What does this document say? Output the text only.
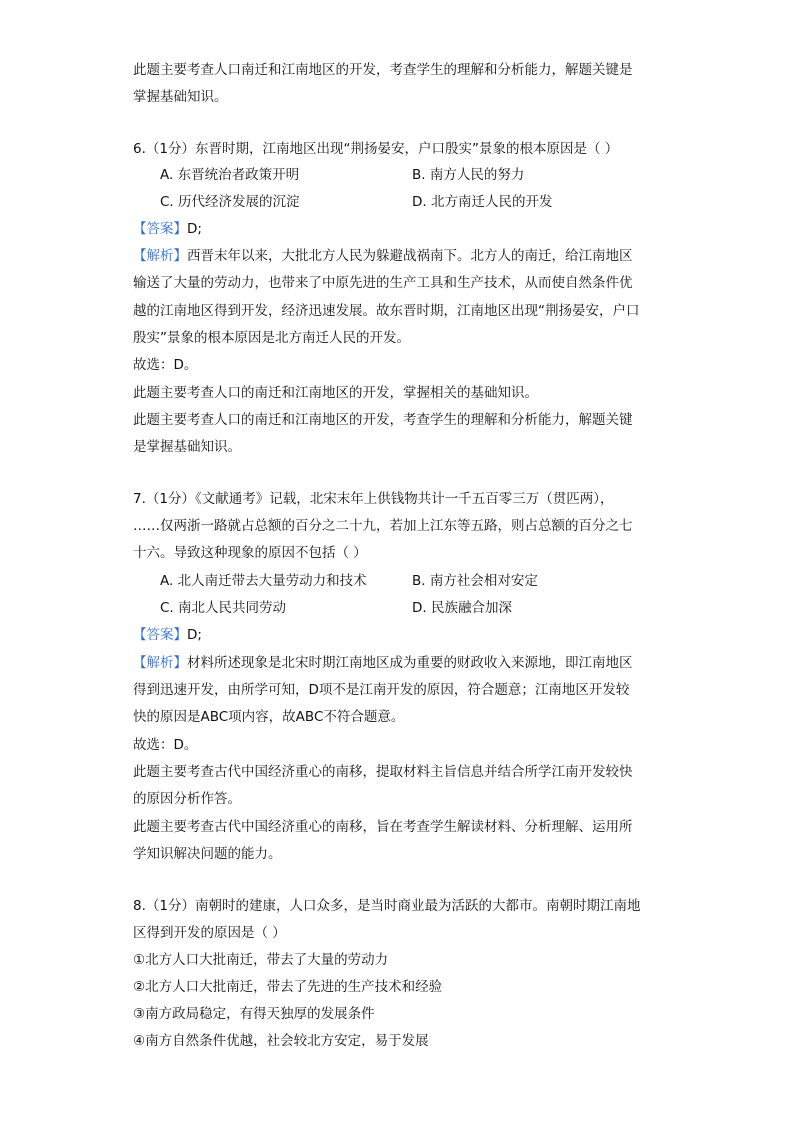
此题主要考查人口南迁和江南地区的开发，考查学生的理解和分析能力，解题关键是
掌握基础知识。
6.（1分）东晋时期，江南地区出现“荆扬晏安，户口殷实”景象的根本原因是（ ）
A. 东晋统治者政策开明	B. 南方人民的努力
C. 历代经济发展的沉淀	D. 北方南迁人民的开发
【答案】D;
【解析】西晋末年以来，大批北方人民为躲避战祸南下。北方人的南迁，给江南地区
输送了大量的劳动力，也带来了中原先进的生产工具和生产技术，从而使自然条件优
越的江南地区得到开发，经济迅速发展。故东晋时期，江南地区出现“荆扬晏安，户口
殷实”景象的根本原因是北方南迁人民的开发。
故选：D。
此题主要考查人口的南迁和江南地区的开发，掌握相关的基础知识。
此题主要考查人口的南迁和江南地区的开发，考查学生的理解和分析能力，解题关键
是掌握基础知识。
7.（1分）《文献通考》记载，北宋末年上供钱物共计一千五百零三万（贯匹两），
……仅两浙一路就占总额的百分之二十九，若加上江东等五路，则占总额的百分之七
十六。导致这种现象的原因不包括（ ）
A. 北人南迁带去大量劳动力和技术	B. 南方社会相对安定
C. 南北人民共同劳动	D. 民族融合加深
【答案】D;
【解析】材料所述现象是北宋时期江南地区成为重要的财政收入来源地，即江南地区
得到迅速开发，由所学可知，D项不是江南开发的原因，符合题意；江南地区开发较
快的原因是ABC项内容，故ABC不符合题意。
故选：D。
此题主要考查古代中国经济重心的南移，提取材料主旨信息并结合所学江南开发较快
的原因分析作答。
此题主要考查古代中国经济重心的南移，旨在考查学生解读材料、分析理解、运用所
学知识解决问题的能力。
8.（1分）南朝时的建康，人口众多，是当时商业最为活跃的大都市。南朝时期江南地
区得到开发的原因是（ ）
①北方人口大批南迁，带去了大量的劳动力
②北方人口大批南迁，带去了先进的生产技术和经验
③南方政局稳定，有得天独厚的发展条件
④南方自然条件优越，社会较北方安定，易于发展
